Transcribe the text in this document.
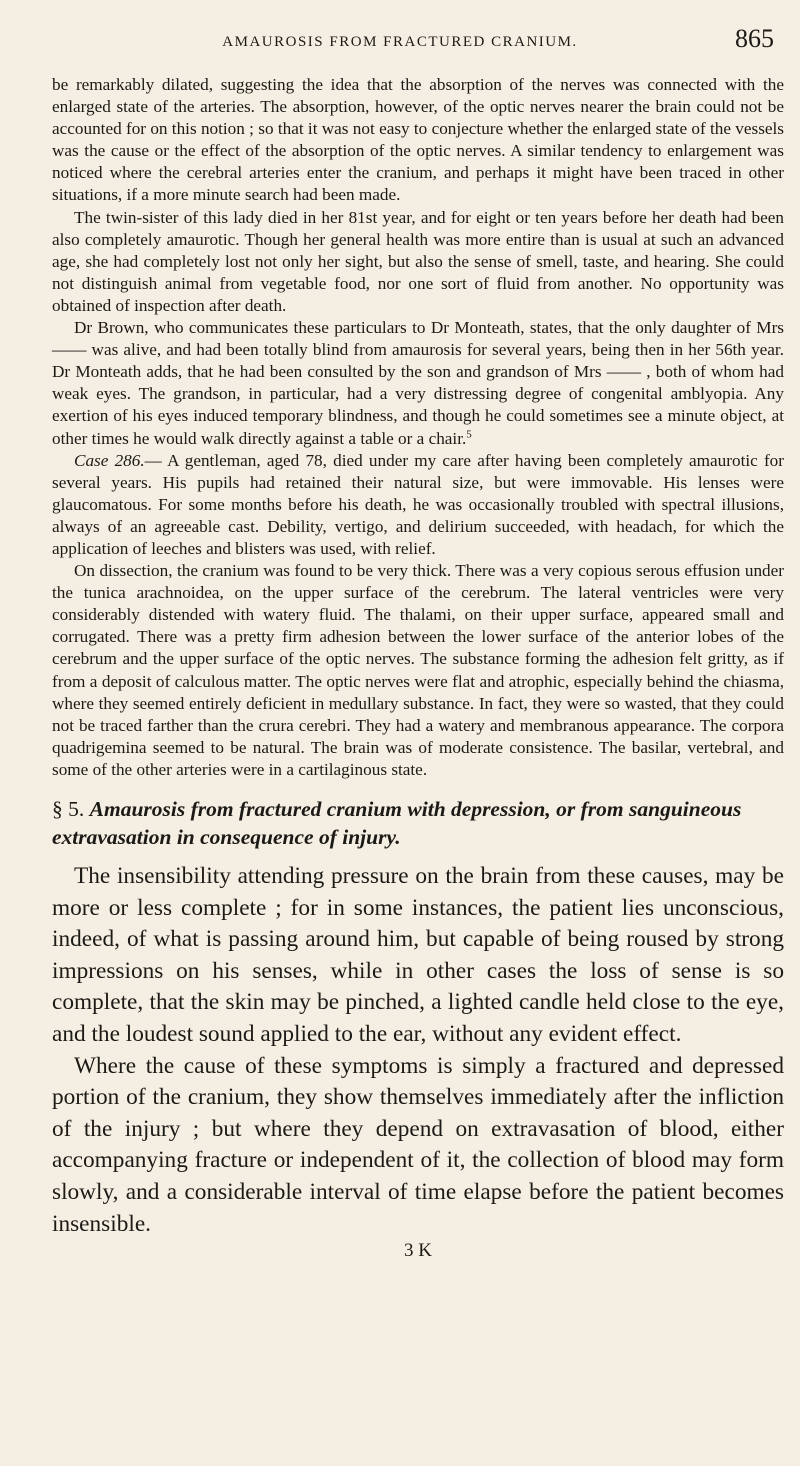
AMAUROSIS FROM FRACTURED CRANIUM.	865

be remarkably dilated, suggesting the idea that the absorption of the nerves was connected with the enlarged state of the arteries. The absorption, however, of the optic nerves nearer the brain could not be accounted for on this notion ; so that it was not easy to conjecture whether the enlarged state of the vessels was the cause or the effect of the absorption of the optic nerves. A similar tendency to enlargement was noticed where the cerebral arteries enter the cranium, and perhaps it might have been traced in other situations, if a more minute search had been made.

The twin-sister of this lady died in her 81st year, and for eight or ten years before her death had been also completely amaurotic. Though her general health was more entire than is usual at such an advanced age, she had completely lost not only her sight, but also the sense of smell, taste, and hearing. She could not distinguish animal from vegetable food, nor one sort of fluid from another. No opportunity was obtained of inspection after death.

Dr Brown, who communicates these particulars to Dr Monteath, states, that the only daughter of Mrs —— was alive, and had been totally blind from amaurosis for several years, being then in her 56th year. Dr Monteath adds, that he had been consulted by the son and grandson of Mrs —— , both of whom had weak eyes. The grandson, in particular, had a very distressing degree of congenital amblyopia. Any exertion of his eyes induced temporary blindness, and though he could sometimes see a minute object, at other times he would walk directly against a table or a chair.$^5$

Case 286.— A gentleman, aged 78, died under my care after having been completely amaurotic for several years. His pupils had retained their natural size, but were immovable. His lenses were glaucomatous. For some months before his death, he was occasionally troubled with spectral illusions, always of an agreeable cast. Debility, vertigo, and delirium succeeded, with headach, for which the application of leeches and blisters was used, with relief.

On dissection, the cranium was found to be very thick. There was a very copious serous effusion under the tunica arachnoidea, on the upper surface of the cerebrum. The lateral ventricles were very considerably distended with watery fluid. The thalami, on their upper surface, appeared small and corrugated. There was a pretty firm adhesion between the lower surface of the anterior lobes of the cerebrum and the upper surface of the optic nerves. The substance forming the adhesion felt gritty, as if from a deposit of calculous matter. The optic nerves were flat and atrophic, especially behind the chiasma, where they seemed entirely deficient in medullary substance. In fact, they were so wasted, that they could not be traced farther than the crura cerebri. They had a watery and membranous appearance. The corpora quadrigemina seemed to be natural. The brain was of moderate consistence. The basilar, vertebral, and some of the other arteries were in a cartilaginous state.

§ 5. Amaurosis from fractured cranium with depression, or from sanguineous extravasation in consequence of injury.

The insensibility attending pressure on the brain from these causes, may be more or less complete ; for in some instances, the patient lies unconscious, indeed, of what is passing around him, but capable of being roused by strong impressions on his senses, while in other cases the loss of sense is so complete, that the skin may be pinched, a lighted candle held close to the eye, and the loudest sound applied to the ear, without any evident effect.

Where the cause of these symptoms is simply a fractured and depressed portion of the cranium, they show themselves immediately after the infliction of the injury ; but where they depend on extravasation of blood, either accompanying fracture or independent of it, the collection of blood may form slowly, and a considerable interval of time elapse before the patient becomes insensible.

3 K
